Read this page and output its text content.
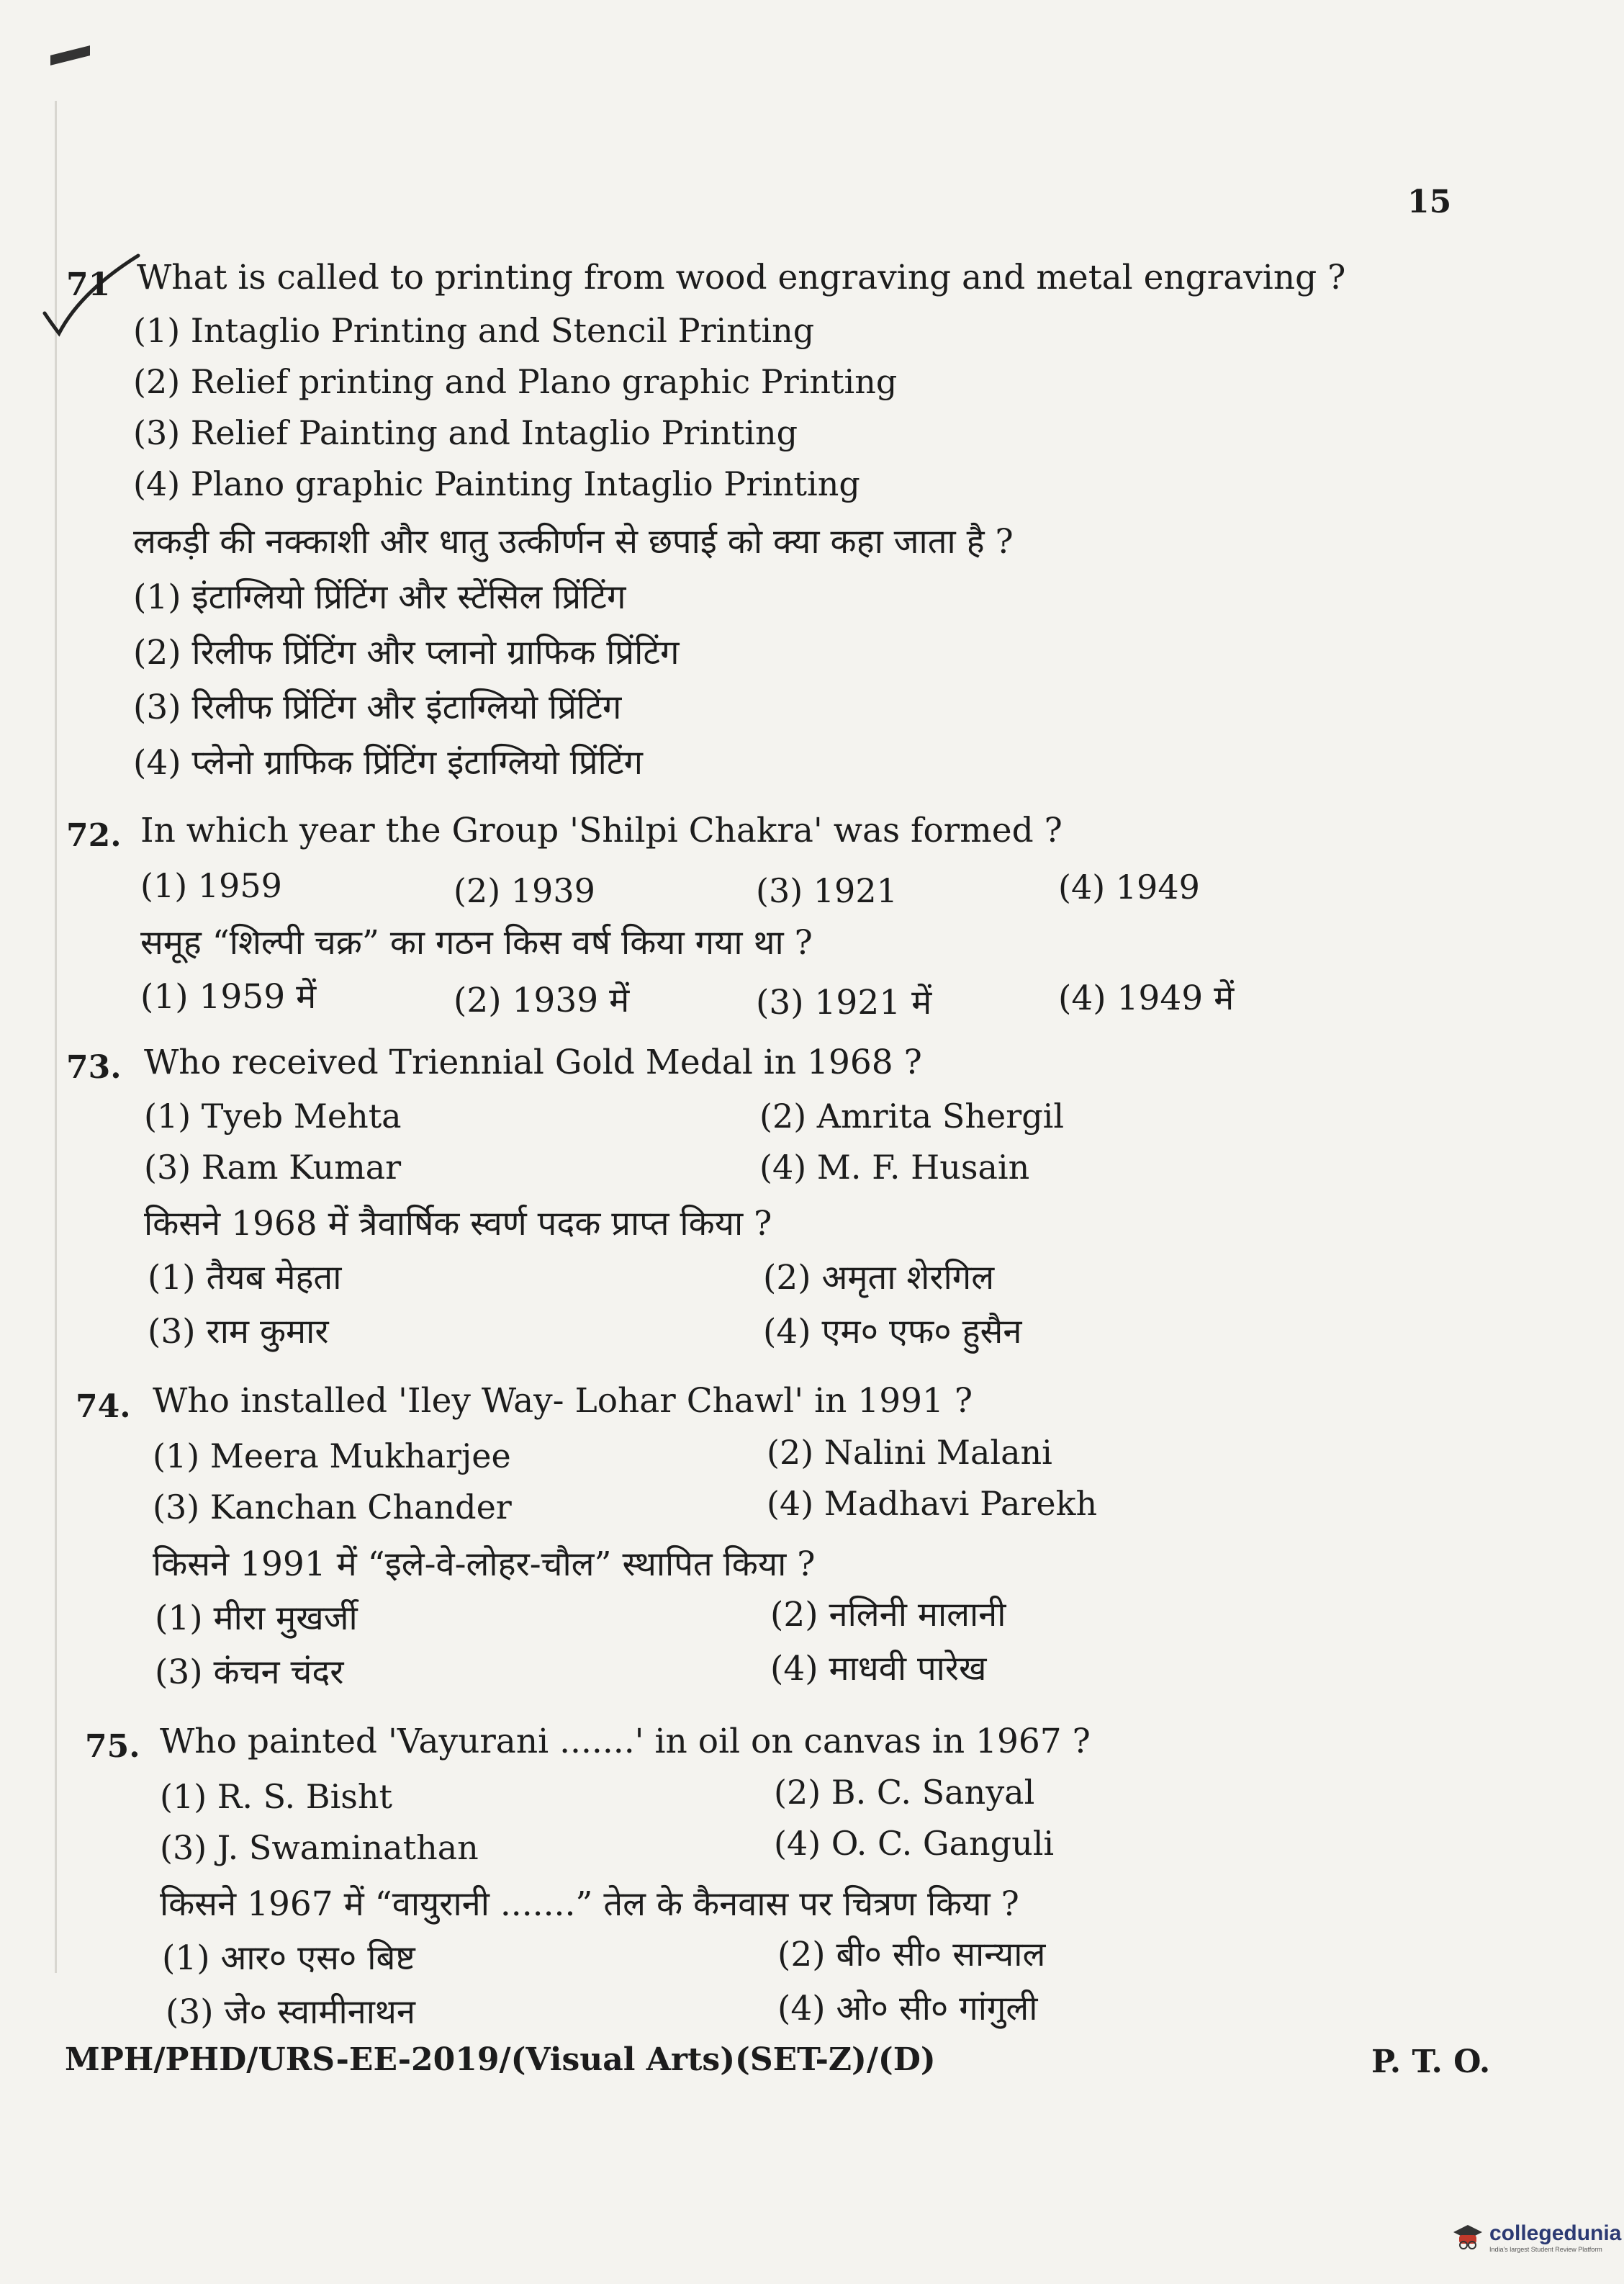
15
71 What is called to printing from wood engraving and metal engraving ?
(1) Intaglio Printing and Stencil Printing
(2) Relief printing and Plano graphic Printing
(3) Relief Painting and Intaglio Printing
(4) Plano graphic Painting Intaglio Printing
लकड़ी की नक्काशी और धातु उत्कीर्णन से छपाई को क्या कहा जाता है ?
(1) इंटाग्लियो प्रिंटिंग और स्टेंसिल प्रिंटिंग
(2) रिलीफ प्रिंटिंग और प्लानो ग्राफिक प्रिंटिंग
(3) रिलीफ प्रिंटिंग और इंटाग्लियो प्रिंटिंग
(4) प्लेनो ग्राफिक प्रिंटिंग इंटाग्लियो प्रिंटिंग
72. In which year the Group 'Shilpi Chakra' was formed ?
(1) 1959	(2) 1939	(3) 1921	(4) 1949
समूह “शिल्पी चक्र” का गठन किस वर्ष किया गया था ?
(1) 1959 में	(2) 1939 में	(3) 1921 में	(4) 1949 में
73. Who received Triennial Gold Medal in 1968 ?
(1) Tyeb Mehta	(2) Amrita Shergil
(3) Ram Kumar	(4) M. F. Husain
किसने 1968 में त्रैवार्षिक स्वर्ण पदक प्राप्त किया ?
(1) तैयब मेहता	(2) अमृता शेरगिल
(3) राम कुमार	(4) एम० एफ० हुसैन
74. Who installed 'Iley Way- Lohar Chawl' in 1991 ?
(1) Meera Mukharjee	(2) Nalini Malani
(3) Kanchan Chander	(4) Madhavi Parekh
किसने 1991 में “इले-वे-लोहर-चौल” स्थापित किया ?
(1) मीरा मुखर्जी	(2) नलिनी मालानी
(3) कंचन चंदर	(4) माधवी पारेख
75. Who painted 'Vayurani .......' in oil on canvas in 1967 ?
(1) R. S. Bisht	(2) B. C. Sanyal
(3) J. Swaminathan	(4) O. C. Ganguli
किसने 1967 में “वायुरानी .......” तेल के कैनवास पर चित्रण किया ?
(1) आर० एस० बिष्ट	(2) बी० सी० सान्याल
(3) जे० स्वामीनाथन	(4) ओ० सी० गांगुली
MPH/PHD/URS-EE-2019/(Visual Arts)(SET-Z)/(D)	P. T. O.
collegedunia
India's largest Student Review Platform
